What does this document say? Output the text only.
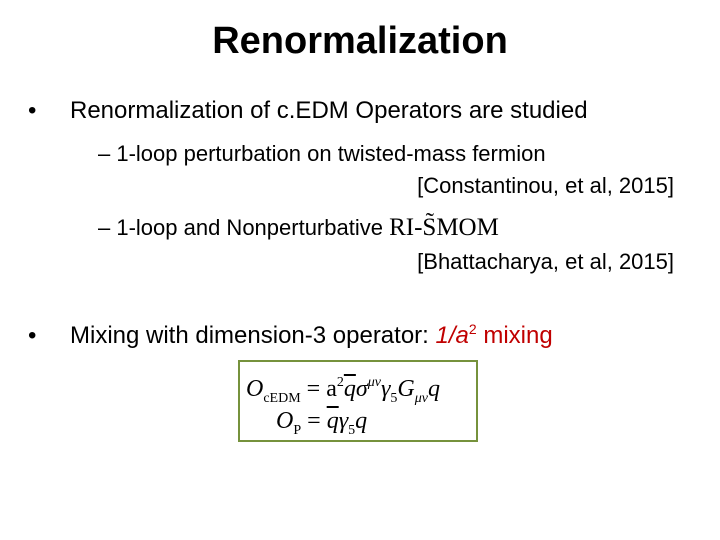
Renormalization
• Renormalization of c.EDM Operators are studied
– 1-loop perturbation on twisted-mass fermion
[Constantinou, et al, 2015]
– 1-loop and Nonperturbative RI-S̃MOM
[Bhattacharya, et al, 2015]
• Mixing with dimension-3 operator: $1/a^2$ mixing
$O_{cEDM} = a^2\overline{q}\sigma^{\mu\nu}\gamma_5G_{\mu\nu}q$
$O_P = \overline{q}\gamma_5q$
